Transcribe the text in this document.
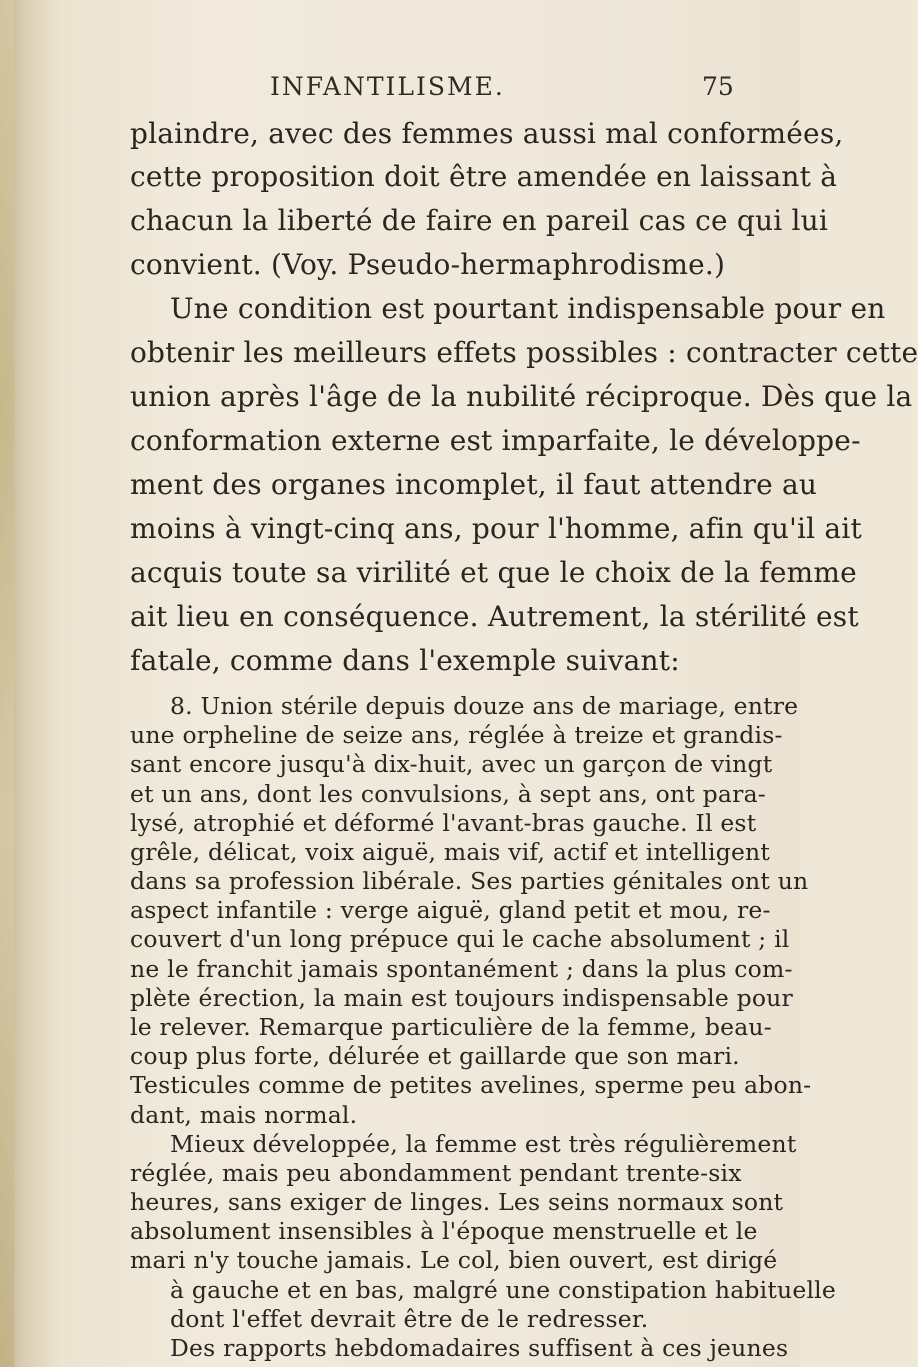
INFANTILISME.	75
plaindre, avec des femmes aussi mal conformées,
cette proposition doit être amendée en laissant à
chacun la liberté de faire en pareil cas ce qui lui
convient. (Voy. Pseudo-hermaphrodisme.)
Une condition est pourtant indispensable pour en
obtenir les meilleurs effets possibles : contracter cette
union après l'âge de la nubilité réciproque. Dès que la
conformation externe est imparfaite, le développe-
ment des organes incomplet, il faut attendre au
moins à vingt-cinq ans, pour l'homme, afin qu'il ait
acquis toute sa virilité et que le choix de la femme
ait lieu en conséquence. Autrement, la stérilité est
fatale, comme dans l'exemple suivant:
8. Union stérile depuis douze ans de mariage, entre
une orpheline de seize ans, réglée à treize et grandis-
sant encore jusqu'à dix-huit, avec un garçon de vingt
et un ans, dont les convulsions, à sept ans, ont para-
lysé, atrophié et déformé l'avant-bras gauche. Il est
grêle, délicat, voix aiguë, mais vif, actif et intelligent
dans sa profession libérale. Ses parties génitales ont un
aspect infantile : verge aiguë, gland petit et mou, re-
couvert d'un long prépuce qui le cache absolument ; il
ne le franchit jamais spontanément ; dans la plus com-
plète érection, la main est toujours indispensable pour
le relever. Remarque particulière de la femme, beau-
coup plus forte, délurée et gaillarde que son mari.
Testicules comme de petites avelines, sperme peu abon-
dant, mais normal.
Mieux développée, la femme est très régulièrement
réglée, mais peu abondamment pendant trente-six
heures, sans exiger de linges. Les seins normaux sont
absolument insensibles à l'époque menstruelle et le
mari n'y touche jamais. Le col, bien ouvert, est dirigé
à gauche et en bas, malgré une constipation habituelle
dont l'effet devrait être de le redresser.
Des rapports hebdomadaires suffisent à ces jeunes
